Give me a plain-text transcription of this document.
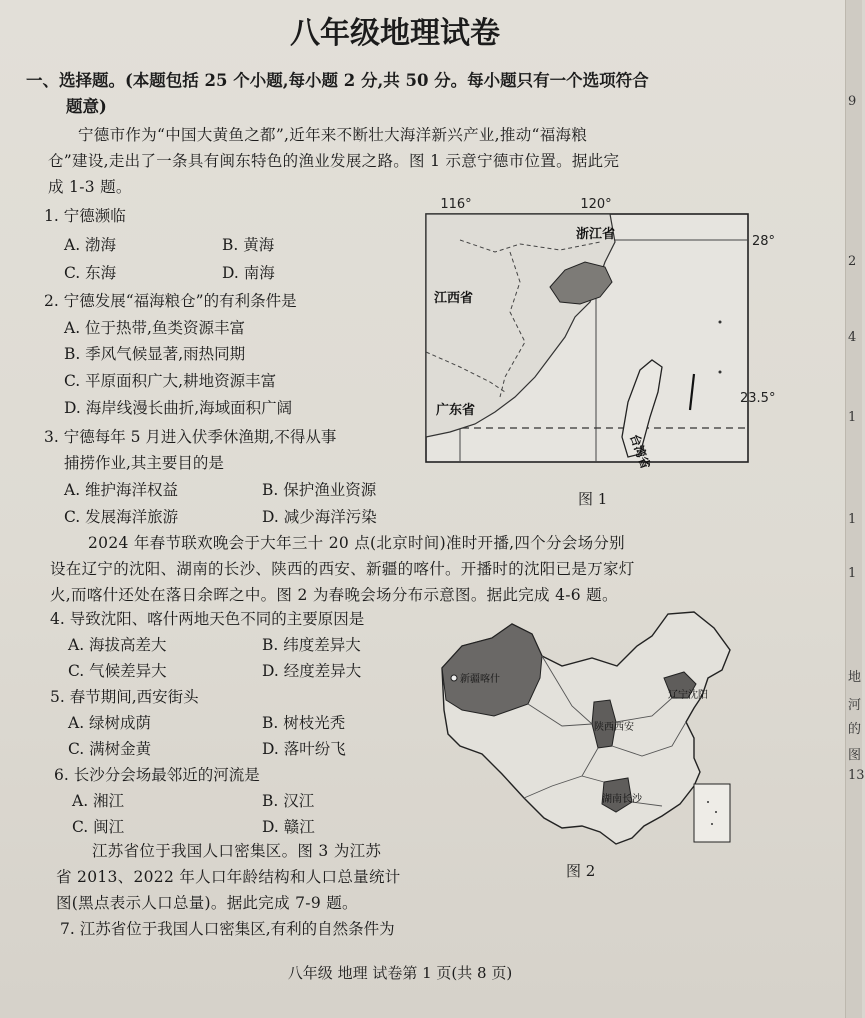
八年级地理试卷
一、选择题。(本题包括 25 个小题,每小题 2 分,共 50 分。每小题只有一个选项符合
题意)
宁德市作为“中国大黄鱼之都”,近年来不断壮大海洋新兴产业,推动“福海粮
仓”建设,走出了一条具有闽东特色的渔业发展之路。图 1 示意宁德市位置。据此完
成 1-3 题。
1. 宁德濒临
A. 渤海	B. 黄海
C. 东海	D. 南海
2. 宁德发展“福海粮仓”的有利条件是
A. 位于热带,鱼类资源丰富
B. 季风气候显著,雨热同期
C. 平原面积广大,耕地资源丰富
D. 海岸线漫长曲折,海域面积广阔
3. 宁德每年 5 月进入伏季休渔期,不得从事
捕捞作业,其主要目的是
A. 维护海洋权益	B. 保护渔业资源
C. 发展海洋旅游	D. 减少海洋污染
116°	120°
28°
23.5°
浙江省
江西省
广东省
台湾省
图 1
2024 年春节联欢晚会于大年三十 20 点(北京时间)准时开播,四个分会场分别
设在辽宁的沈阳、湖南的长沙、陕西的西安、新疆的喀什。开播时的沈阳已是万家灯
火,而喀什还处在落日余晖之中。图 2 为春晚会场分布示意图。据此完成 4-6 题。
4. 导致沈阳、喀什两地天色不同的主要原因是
A. 海拔高差大	B. 纬度差异大
C. 气候差异大	D. 经度差异大
5. 春节期间,西安街头
A. 绿树成荫	B. 树枝光秃
C. 满树金黄	D. 落叶纷飞
6. 长沙分会场最邻近的河流是
A. 湘江	B. 汉江
C. 闽江	D. 赣江
新疆喀什
辽宁沈阳
陕西西安
湖南长沙
图 2
江苏省位于我国人口密集区。图 3 为江苏
省 2013、2022 年人口年龄结构和人口总量统计
图(黑点表示人口总量)。据此完成 7-9 题。
7. 江苏省位于我国人口密集区,有利的自然条件为
八年级 地理 试卷第 1 页(共 8 页)
9
2
4
1
1
1
地
河
的
图
13
